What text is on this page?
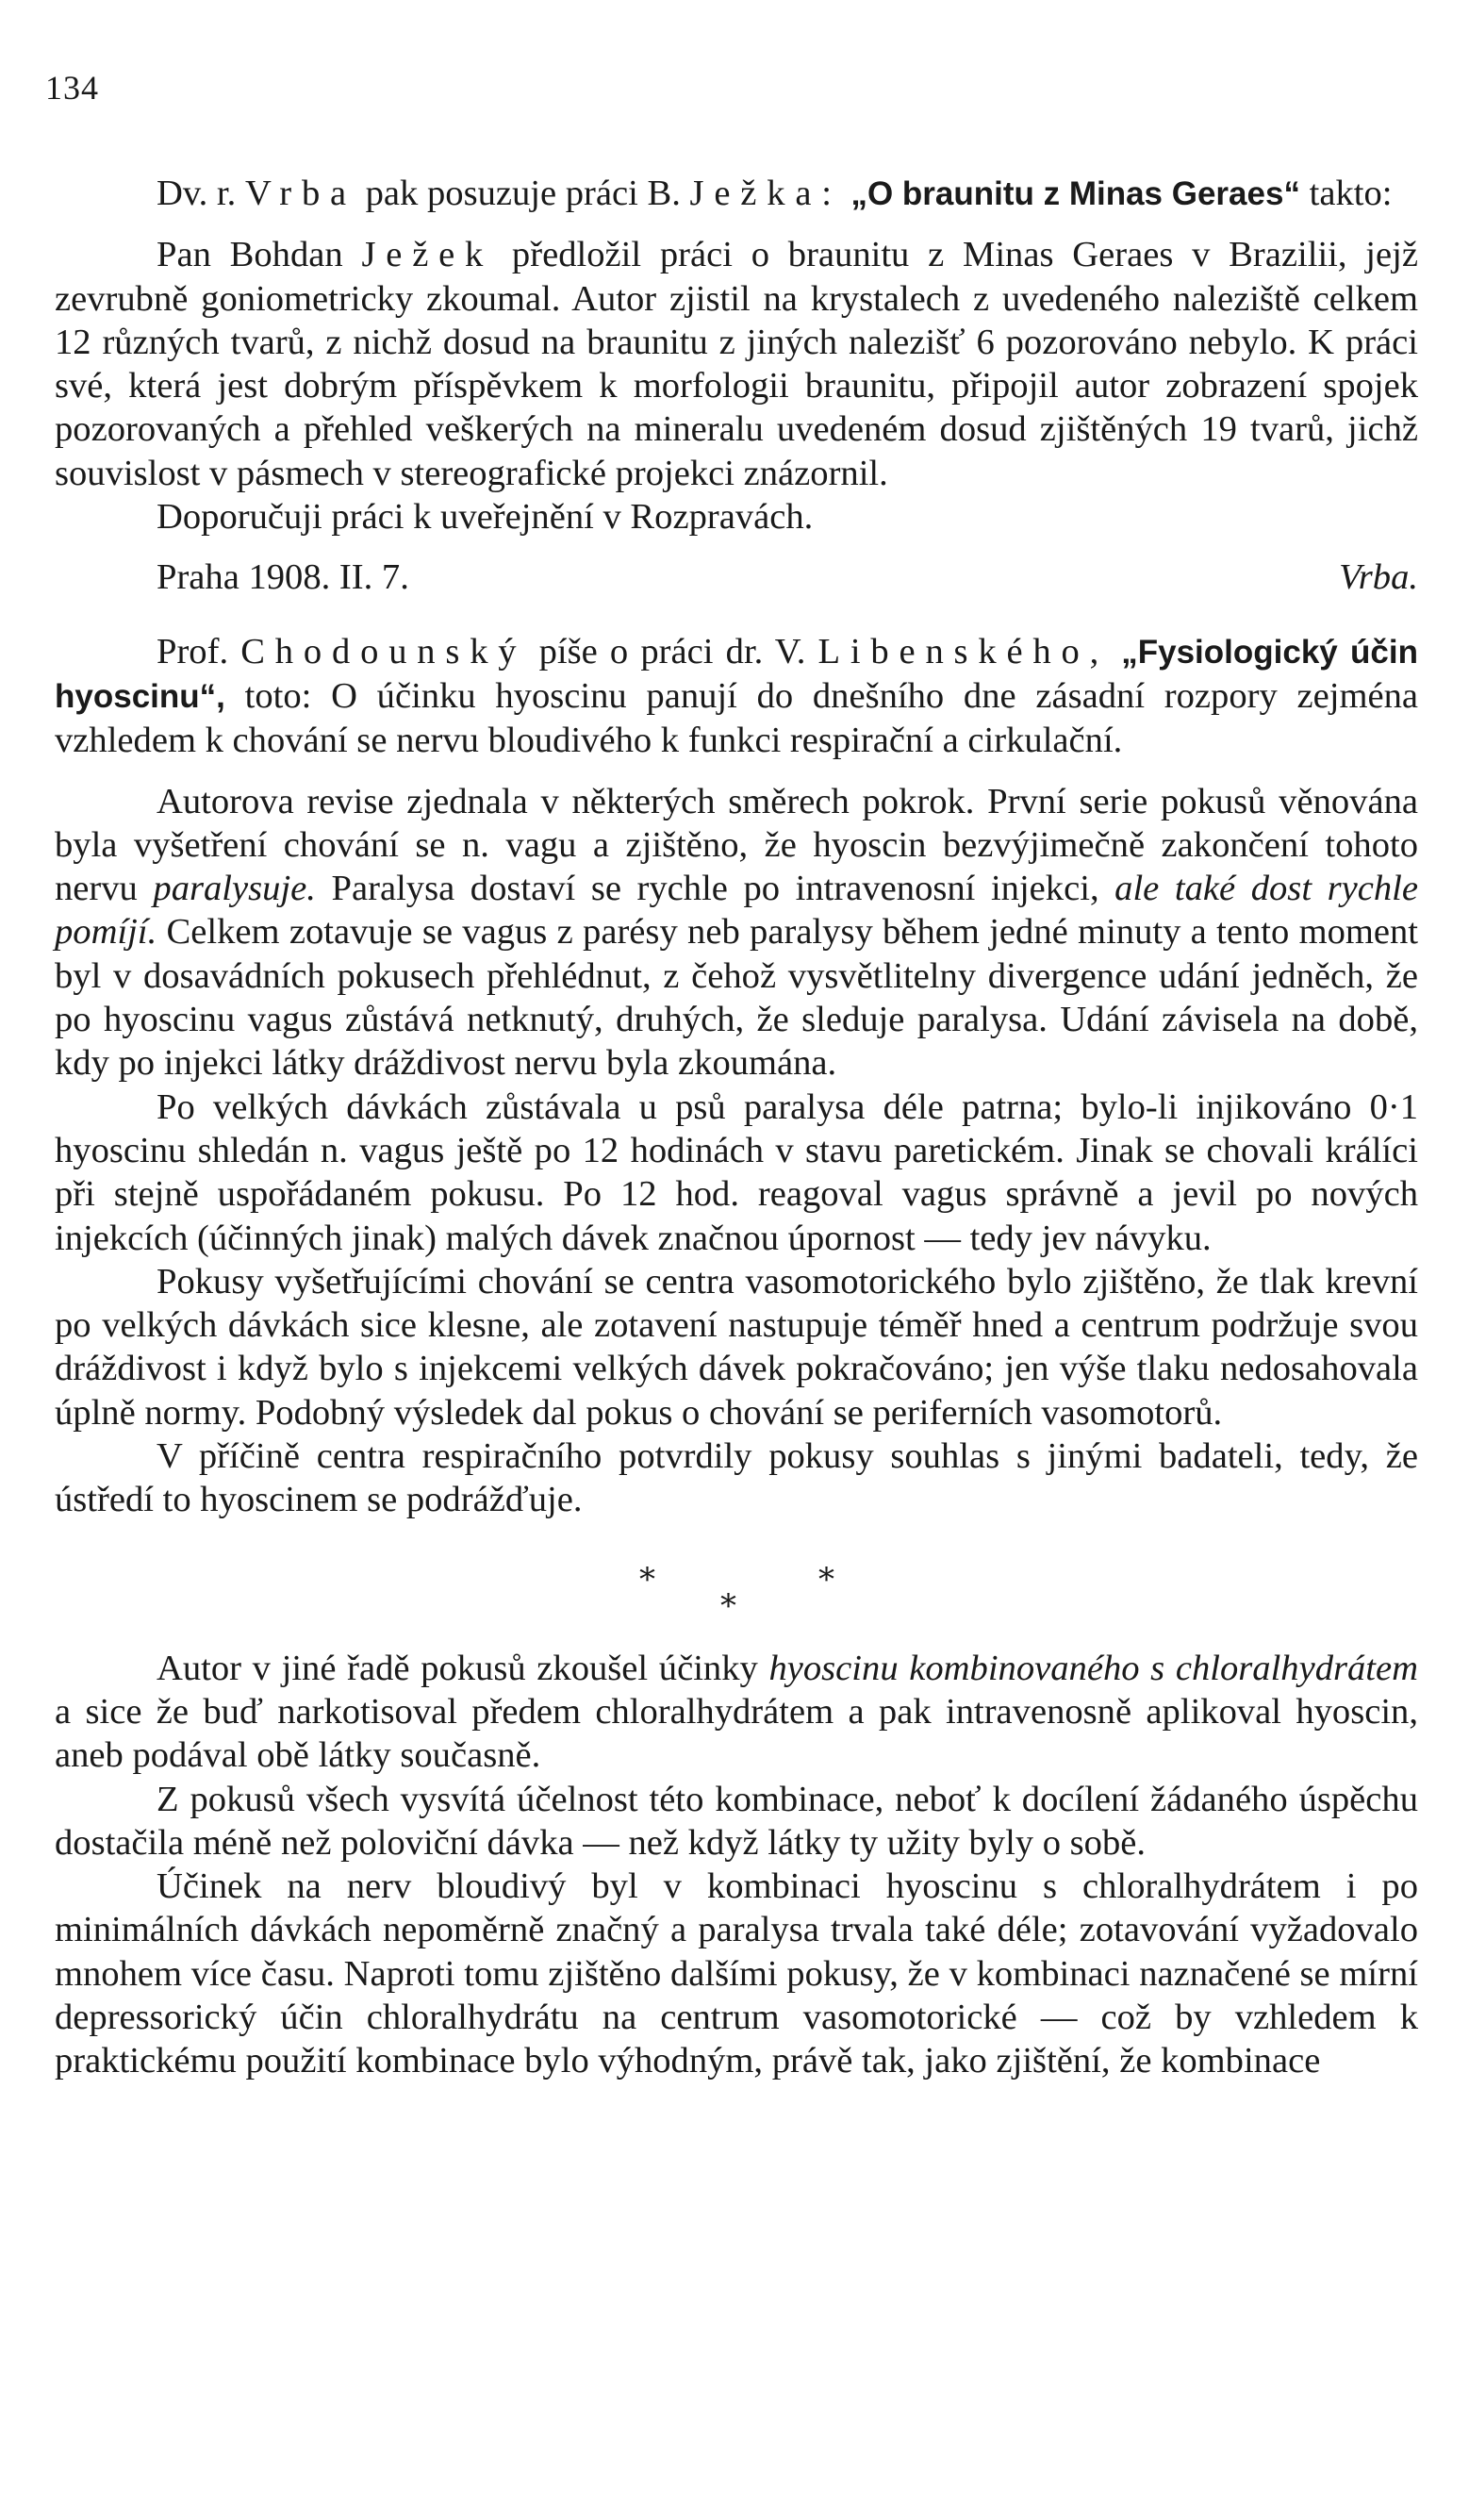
134

Dv. r. Vrba pak posuzuje práci B. Ježka: „O braunitu z Minas Geraes“ takto:

Pan Bohdan Ježek předložil práci o braunitu z Minas Geraes v Brazilii, jejž zevrubně goniometricky zkoumal. Autor zjistil na krystalech z uvedeného naleziště celkem 12 různých tvarů, z nichž dosud na braunitu z jiných nalezišť 6 pozorováno nebylo. K práci své, která jest dobrým příspěvkem k morfologii braunitu, připojil autor zobrazení spojek pozorovaných a přehled veškerých na mineralu uvedeném dosud zjištěných 19 tvarů, jichž souvislost v pásmech v stereografické projekci znázornil.

Doporučuji práci k uveřejnění v Rozpravách.

Praha 1908. II. 7.	Vrba.

Prof. Chodounský píše o práci dr. V. Libenského, „Fysiologický účin hyoscinu“, toto: O účinku hyoscinu panují do dnešního dne zásadní rozpory zejména vzhledem k chování se nervu bloudivého k funkci respirační a cirkulační.

Autorova revise zjednala v některých směrech pokrok. První serie pokusů věnována byla vyšetření chování se n. vagu a zjištěno, že hyoscin bezvýjimečně zakončení tohoto nervu paralysuje. Paralysa dostaví se rychle po intravenosní injekci, ale také dost rychle pomíjí. Celkem zotavuje se vagus z parésy neb paralysy během jedné minuty a tento moment byl v dosavádních pokusech přehlédnut, z čehož vysvětlitelny divergence udání jedněch, že po hyoscinu vagus zůstává netknutý, druhých, že sleduje paralysa. Udání závisela na době, kdy po injekci látky dráždivost nervu byla zkoumána.

Po velkých dávkách zůstávala u psů paralysa déle patrna; bylo-li injikováno 0·1 hyoscinu shledán n. vagus ještě po 12 hodinách v stavu paretickém. Jinak se chovali králíci při stejně uspořádaném pokusu. Po 12 hod. reagoval vagus správně a jevil po nových injekcích (účinných jinak) malých dávek značnou úpornost — tedy jev návyku.

Pokusy vyšetřujícími chování se centra vasomotorického bylo zjištěno, že tlak krevní po velkých dávkách sice klesne, ale zotavení nastupuje téměř hned a centrum podržuje svou dráždivost i když bylo s injekcemi velkých dávek pokračováno; jen výše tlaku nedosahovala úplně normy. Podobný výsledek dal pokus o chování se periferních vasomotorů.

V příčině centra respiračního potvrdily pokusy souhlas s jinými badateli, tedy, že ústředí to hyoscinem se podrážďuje.

*
*
*

Autor v jiné řadě pokusů zkoušel účinky hyoscinu kombinovaného s chloralhydrátem a sice že buď narkotisoval předem chloralhydrátem a pak intravenosně aplikoval hyoscin, aneb podával obě látky současně.

Z pokusů všech vysvítá účelnost této kombinace, neboť k docílení žádaného úspěchu dostačila méně než poloviční dávka — než když látky ty užity byly o sobě.

Účinek na nerv bloudivý byl v kombinaci hyoscinu s chloralhydrátem i po minimálních dávkách nepoměrně značný a paralysa trvala také déle; zotavování vyžadovalo mnohem více času. Naproti tomu zjištěno dalšími pokusy, že v kombinaci naznačené se mírní depressorický účin chloralhydrátu na centrum vasomotorické — což by vzhledem k praktickému použití kombinace bylo výhodným, právě tak, jako zjištění, že kombinace
